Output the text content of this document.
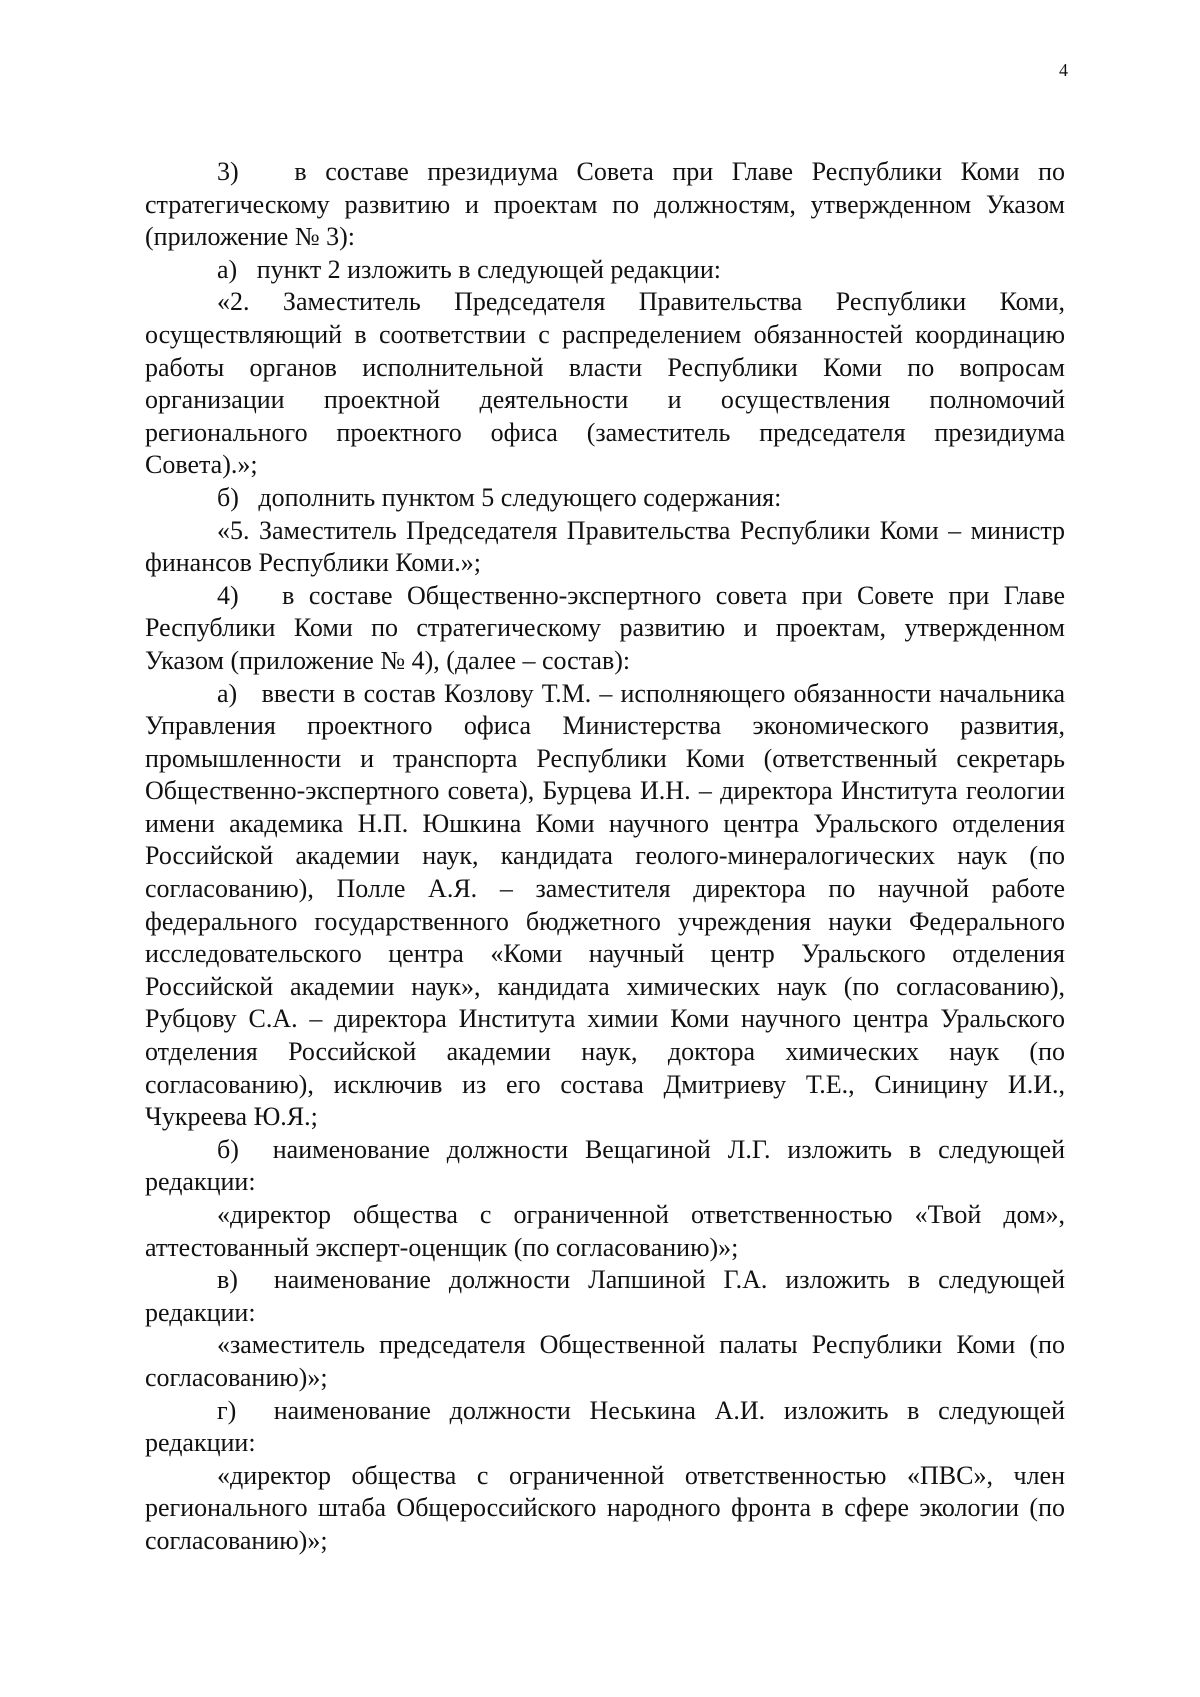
4

3)   в составе президиума Совета при Главе Республики Коми по стратегическому развитию и проектам по должностям, утвержденном Указом (приложение № 3):

а)   пункт 2 изложить в следующей редакции:

«2. Заместитель Председателя Правительства Республики Коми, осуществляющий в соответствии с распределением обязанностей координацию работы органов исполнительной власти Республики Коми по вопросам организации проектной деятельности и осуществления полномочий регионального проектного офиса (заместитель председателя президиума Совета).»;

б)   дополнить пунктом 5 следующего содержания:

«5. Заместитель Председателя Правительства Республики Коми – министр финансов Республики Коми.»;

4)   в составе Общественно-экспертного совета при Совете при Главе Республики Коми по стратегическому развитию и проектам, утвержденном Указом (приложение № 4), (далее – состав):

а)   ввести в состав Козлову Т.М. – исполняющего обязанности начальника Управления проектного офиса Министерства экономического развития, промышленности и транспорта Республики Коми (ответственный секретарь Общественно-экспертного совета), Бурцева И.Н. – директора Института геологии имени академика Н.П. Юшкина Коми научного центра Уральского отделения Российской академии наук, кандидата геолого-минералогических наук (по согласованию), Полле А.Я. – заместителя директора по научной работе федерального государственного бюджетного учреждения науки Федерального исследовательского центра «Коми научный центр Уральского отделения Российской академии наук», кандидата химических наук (по согласованию), Рубцову С.А. – директора Института химии Коми научного центра Уральского отделения Российской академии наук, доктора химических наук (по согласованию), исключив из его состава Дмитриеву Т.Е., Синицину И.И., Чукреева Ю.Я.;

б)  наименование должности Вещагиной Л.Г. изложить в следующей редакции:

«директор общества с ограниченной ответственностью «Твой дом», аттестованный эксперт-оценщик (по согласованию)»;

в)  наименование должности Лапшиной Г.А. изложить в следующей редакции:

«заместитель председателя Общественной палаты Республики Коми (по согласованию)»;

г)  наименование должности Неськина А.И. изложить в следующей редакции:

«директор общества с ограниченной ответственностью «ПВС», член регионального штаба Общероссийского народного фронта в сфере экологии (по согласованию)»;
